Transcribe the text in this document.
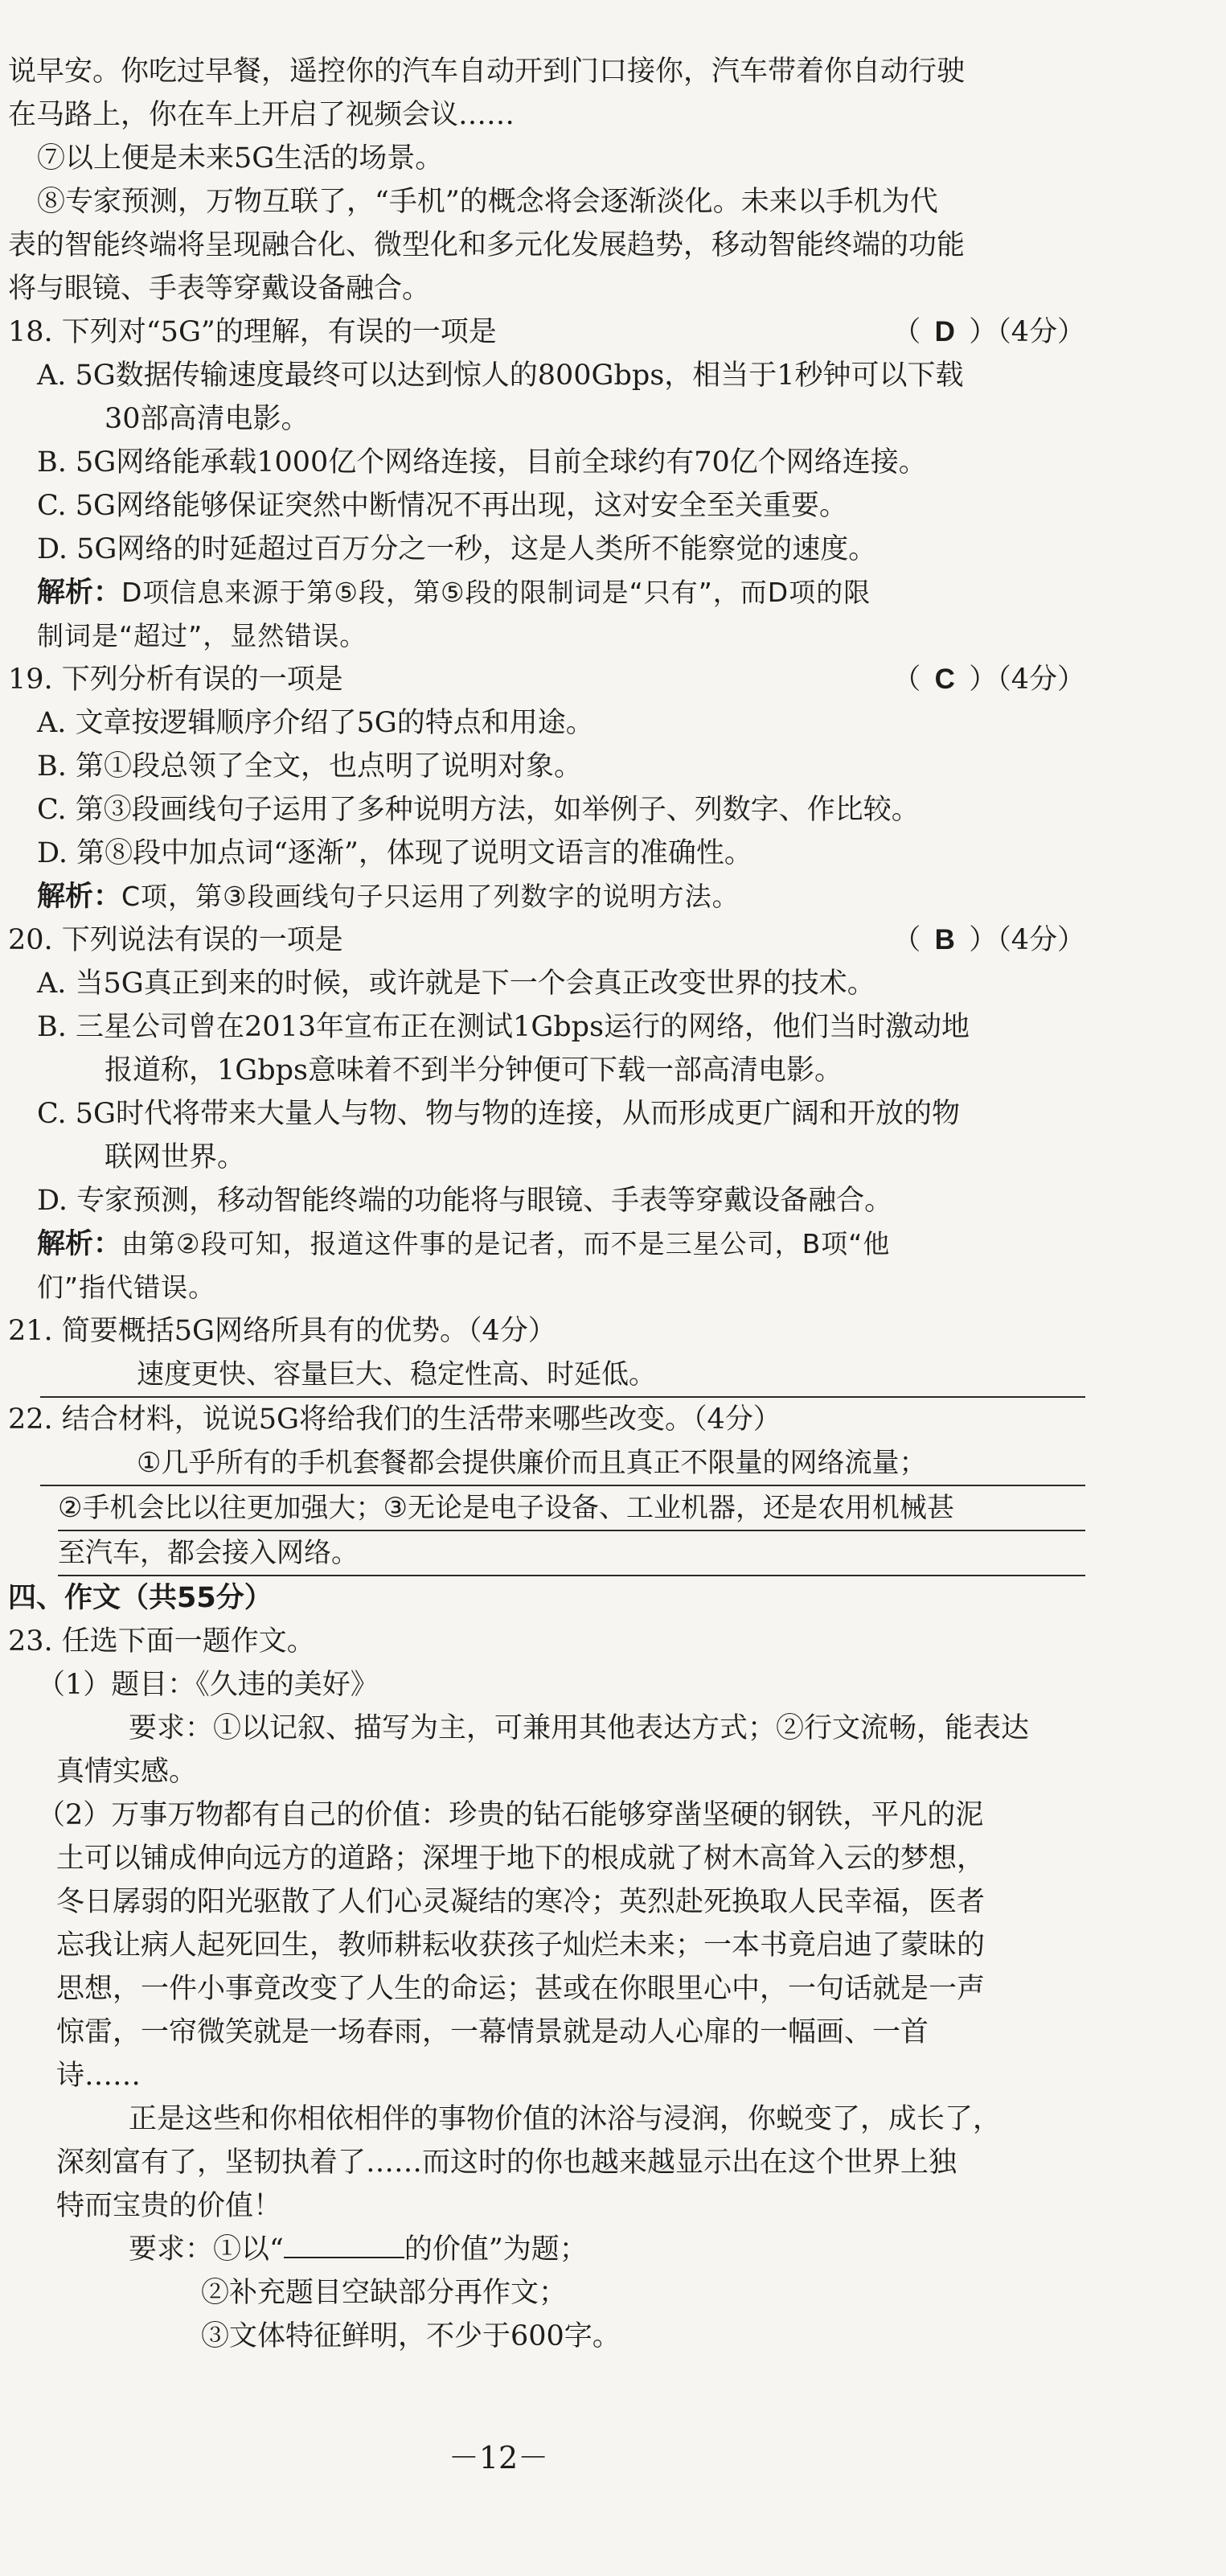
说早安。你吃过早餐，遥控你的汽车自动开到门口接你，汽车带着你自动行驶
在马路上，你在车上开启了视频会议……
⑦以上便是未来5G生活的场景。
⑧专家预测，万物互联了，“手机”的概念将会逐渐淡化。未来以手机为代
表的智能终端将呈现融合化、微型化和多元化发展趋势，移动智能终端的功能
将与眼镜、手表等穿戴设备融合。
18. 下列对“5G”的理解，有误的一项是	（ D ）（4分）
A. 5G数据传输速度最终可以达到惊人的800Gbps，相当于1秒钟可以下载
30部高清电影。
B. 5G网络能承载1000亿个网络连接，目前全球约有70亿个网络连接。
C. 5G网络能够保证突然中断情况不再出现，这对安全至关重要。
D. 5G网络的时延超过百万分之一秒，这是人类所不能察觉的速度。
解析：D项信息来源于第⑤段，第⑤段的限制词是“只有”，而D项的限
制词是“超过”，显然错误。
19. 下列分析有误的一项是	（ C ）（4分）
A. 文章按逻辑顺序介绍了5G的特点和用途。
B. 第①段总领了全文，也点明了说明对象。
C. 第③段画线句子运用了多种说明方法，如举例子、列数字、作比较。
D. 第⑧段中加点词“逐渐”，体现了说明文语言的准确性。
解析：C项，第③段画线句子只运用了列数字的说明方法。
20. 下列说法有误的一项是	（ B ）（4分）
A. 当5G真正到来的时候，或许就是下一个会真正改变世界的技术。
B. 三星公司曾在2013年宣布正在测试1Gbps运行的网络，他们当时激动地
报道称，1Gbps意味着不到半分钟便可下载一部高清电影。
C. 5G时代将带来大量人与物、物与物的连接，从而形成更广阔和开放的物
联网世界。
D. 专家预测，移动智能终端的功能将与眼镜、手表等穿戴设备融合。
解析：由第②段可知，报道这件事的是记者，而不是三星公司，B项“他
们”指代错误。
21. 简要概括5G网络所具有的优势。（4分）
速度更快、容量巨大、稳定性高、时延低。
22. 结合材料，说说5G将给我们的生活带来哪些改变。（4分）
①几乎所有的手机套餐都会提供廉价而且真正不限量的网络流量；
②手机会比以往更加强大；③无论是电子设备、工业机器，还是农用机械甚
至汽车，都会接入网络。
四、作文（共55分）
23. 任选下面一题作文。
（1）题目：《久违的美好》
要求：①以记叙、描写为主，可兼用其他表达方式；②行文流畅，能表达
真情实感。
（2）万事万物都有自己的价值：珍贵的钻石能够穿凿坚硬的钢铁，平凡的泥
土可以铺成伸向远方的道路；深埋于地下的根成就了树木高耸入云的梦想，
冬日孱弱的阳光驱散了人们心灵凝结的寒冷；英烈赴死换取人民幸福，医者
忘我让病人起死回生，教师耕耘收获孩子灿烂未来；一本书竟启迪了蒙昧的
思想，一件小事竟改变了人生的命运；甚或在你眼里心中，一句话就是一声
惊雷，一帘微笑就是一场春雨，一幕情景就是动人心扉的一幅画、一首
诗……
正是这些和你相依相伴的事物价值的沐浴与浸润，你蜕变了，成长了，
深刻富有了，坚韧执着了……而这时的你也越来越显示出在这个世界上独
特而宝贵的价值！
要求：①以“	的价值”为题；
②补充题目空缺部分再作文；
③文体特征鲜明，不少于600字。
－12－
